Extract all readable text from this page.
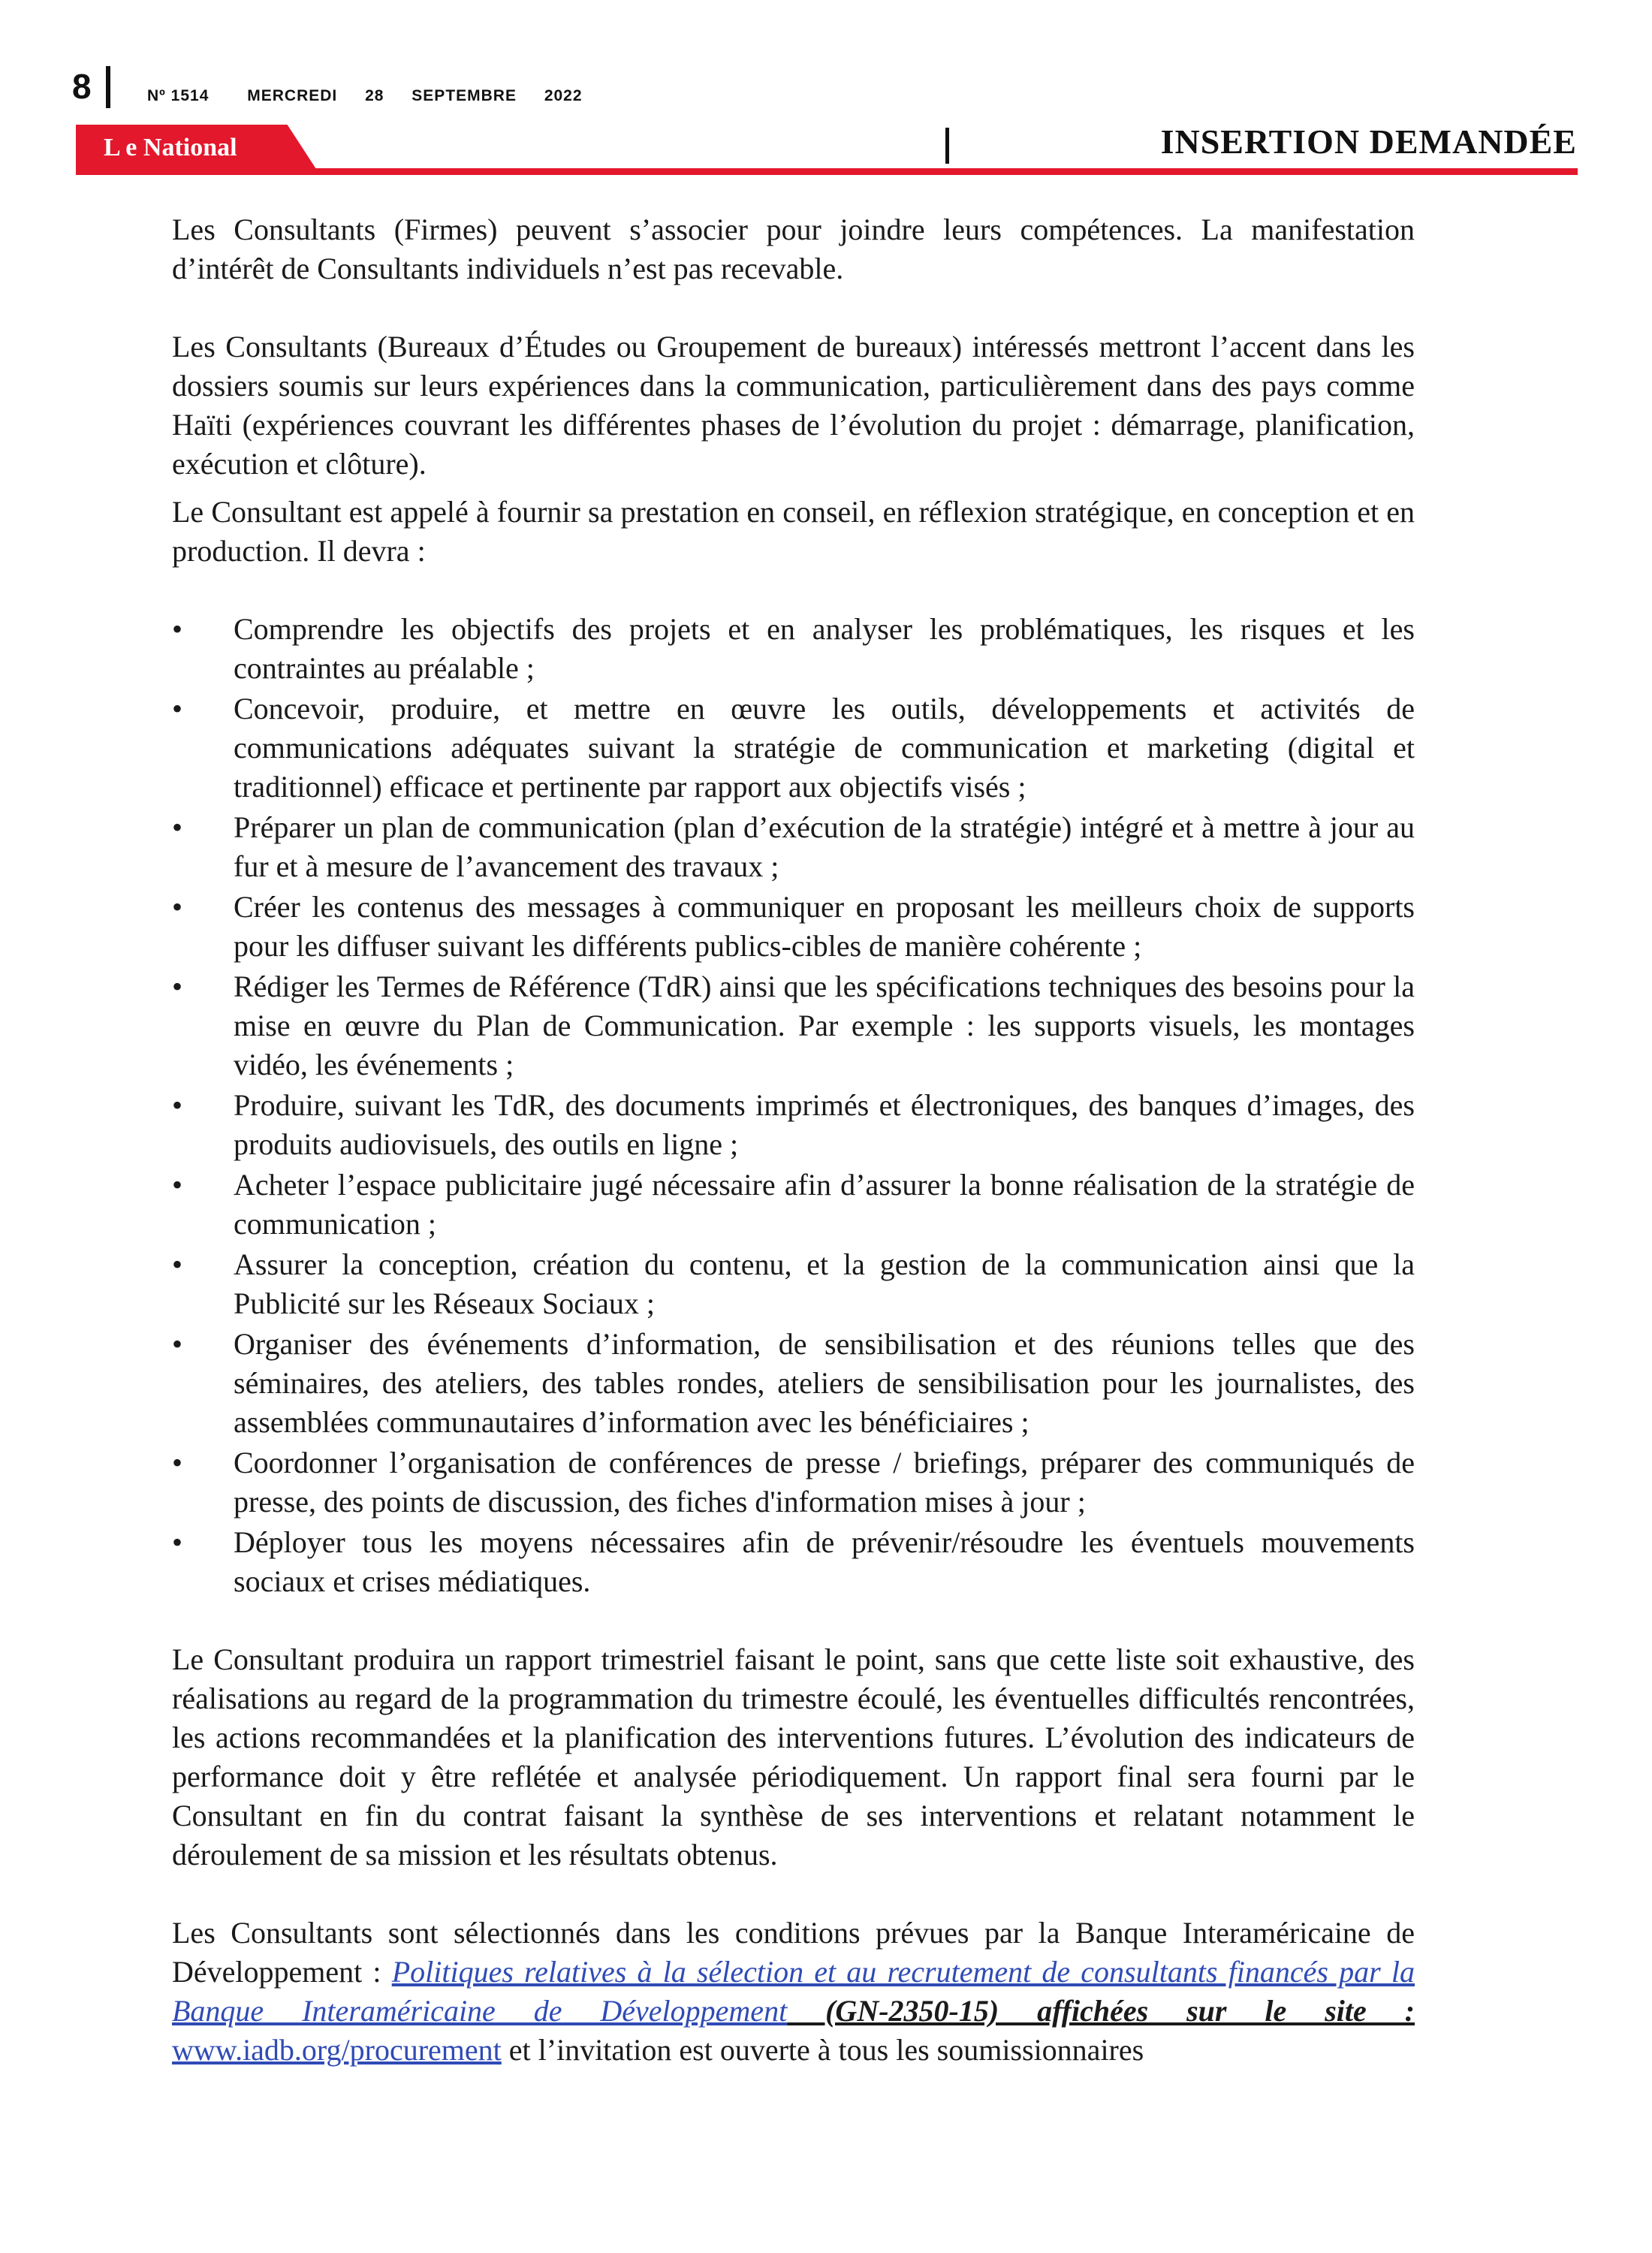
8	Nº 1514 MERCREDI 28 SEPTEMBRE 2022
L e National	INSERTION DEMANDÉE

Les Consultants (Firmes) peuvent s’associer pour joindre leurs compétences. La manifestation d’intérêt de Consultants individuels n’est pas recevable.

Les Consultants (Bureaux d’Études ou Groupement de bureaux) intéressés mettront l’accent dans les dossiers soumis sur leurs expériences dans la communication, particulièrement dans des pays comme Haïti (expériences couvrant les différentes phases de l’évolution du projet : démarrage, planification, exécution et clôture).

Le Consultant est appelé à fournir sa prestation en conseil, en réflexion stratégique, en conception et en production. Il devra :

• Comprendre les objectifs des projets et en analyser les problématiques, les risques et les contraintes au préalable ;
• Concevoir, produire, et mettre en œuvre les outils, développements et activités de communications adéquates suivant la stratégie de communication et marketing (digital et traditionnel) efficace et pertinente par rapport aux objectifs visés ;
• Préparer un plan de communication (plan d’exécution de la stratégie) intégré et à mettre à jour au fur et à mesure de l’avancement des travaux ;
• Créer les contenus des messages à communiquer en proposant les meilleurs choix de supports pour les diffuser suivant les différents publics-cibles de manière cohérente ;
• Rédiger les Termes de Référence (TdR) ainsi que les spécifications techniques des besoins pour la mise en œuvre du Plan de Communication. Par exemple : les supports visuels, les montages vidéo, les événements ;
• Produire, suivant les TdR, des documents imprimés et électroniques, des banques d’images, des produits audiovisuels, des outils en ligne ;
• Acheter l’espace publicitaire jugé nécessaire afin d’assurer la bonne réalisation de la stratégie de communication ;
• Assurer la conception, création du contenu, et la gestion de la communication ainsi que la Publicité sur les Réseaux Sociaux ;
• Organiser des événements d’information, de sensibilisation et des réunions telles que des séminaires, des ateliers, des tables rondes, ateliers de sensibilisation pour les journalistes, des assemblées communautaires d’information avec les bénéficiaires ;
• Coordonner l’organisation de conférences de presse / briefings, préparer des communiqués de presse, des points de discussion, des fiches d'information mises à jour ;
• Déployer tous les moyens nécessaires afin de prévenir/résoudre les éventuels mouvements sociaux et crises médiatiques.

Le Consultant produira un rapport trimestriel faisant le point, sans que cette liste soit exhaustive, des réalisations au regard de la programmation du trimestre écoulé, les éventuelles difficultés rencontrées, les actions recommandées et la planification des interventions futures. L’évolution des indicateurs de performance doit y être reflétée et analysée périodiquement. Un rapport final sera fourni par le Consultant en fin du contrat faisant la synthèse de ses interventions et relatant notamment le déroulement de sa mission et les résultats obtenus.

Les Consultants sont sélectionnés dans les conditions prévues par la Banque Interaméricaine de Développement : Politiques relatives à la sélection et au recrutement de consultants financés par la Banque Interaméricaine de Développement (GN-2350-15) affichées sur le site : www.iadb.org/procurement et l’invitation est ouverte à tous les soumissionnaires
